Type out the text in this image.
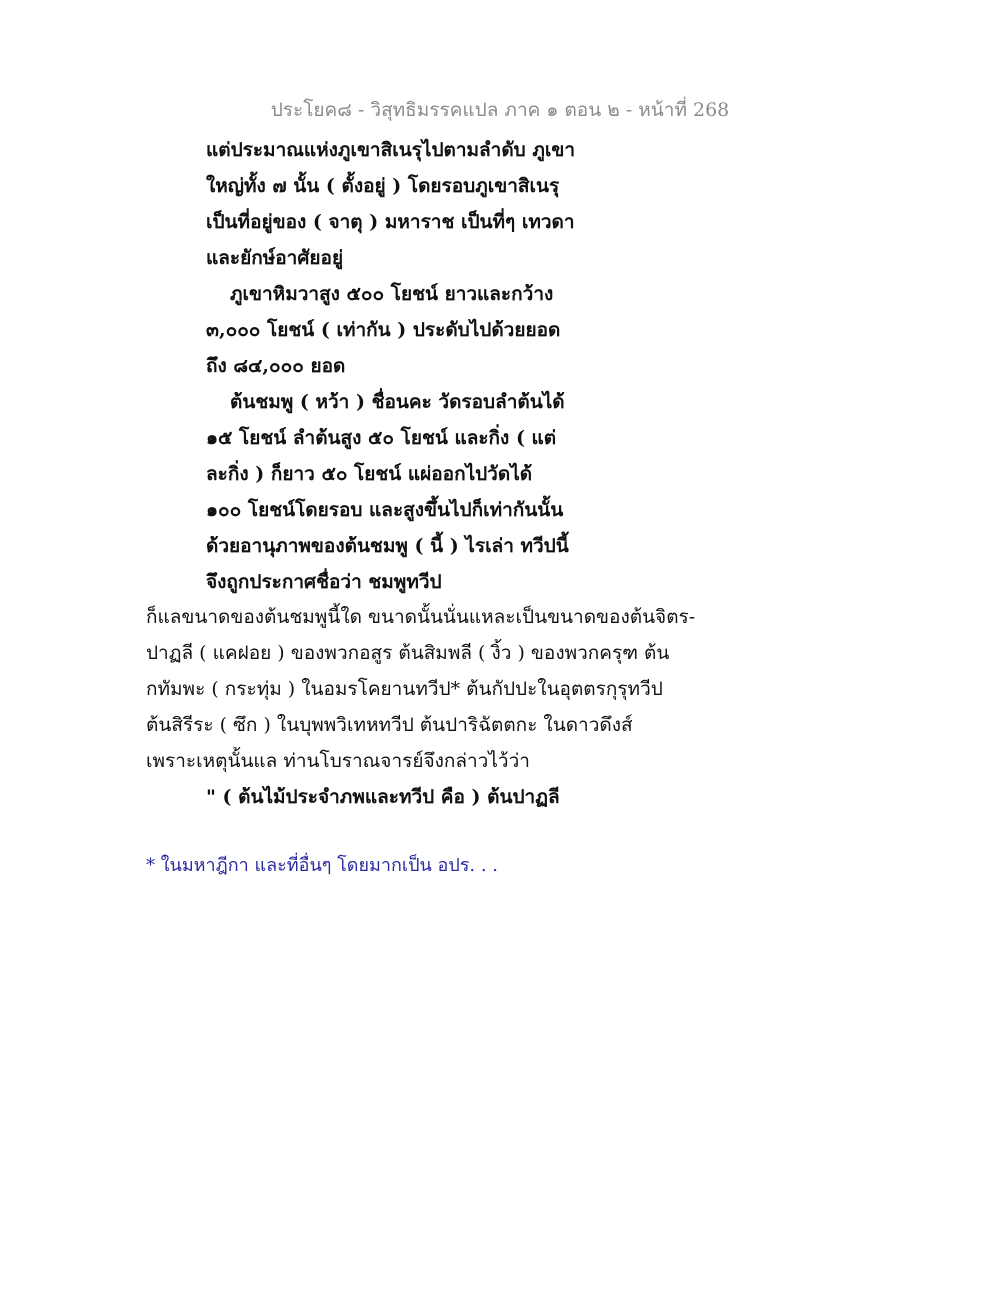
ประโยค๘ - วิสุทธิมรรคแปล ภาค ๑ ตอน ๒ - หน้าที่ 268
แต่ประมาณแห่งภูเขาสิเนรุไปตามลำดับ ภูเขา
ใหญ่ทั้ง ๗ นั้น ( ตั้งอยู่ ) โดยรอบภูเขาสิเนรุ
เป็นที่อยู่ของ ( จาตุ ) มหาราช เป็นที่ๆ เทวดา
และยักษ์อาศัยอยู่
ภูเขาหิมวาสูง ๕๐๐ โยชน์ ยาวและกว้าง
๓,๐๐๐ โยชน์ ( เท่ากัน ) ประดับไปด้วยยอด
ถึง ๘๔,๐๐๐ ยอด
ต้นชมพู ( หว้า ) ชื่อนคะ วัดรอบลำต้นได้
๑๕ โยชน์ ลำต้นสูง ๕๐ โยชน์ และกิ่ง ( แต่
ละกิ่ง ) ก็ยาว ๕๐ โยชน์ แผ่ออกไปวัดได้
๑๐๐ โยชน์โดยรอบ และสูงขึ้นไปก็เท่ากันนั้น
ด้วยอานุภาพของต้นชมพู ( นี้ ) ไรเล่า ทวีปนี้
จึงถูกประกาศชื่อว่า ชมพูทวีป
ก็แลขนาดของต้นชมพูนี้ใด ขนาดนั้นนั่นแหละเป็นขนาดของต้นจิตร-
ปาฏลี ( แคฝอย ) ของพวกอสูร ต้นสิมพลี ( งิ้ว ) ของพวกครุฑ ต้น
กทัมพะ ( กระทุ่ม ) ในอมรโคยานทวีป* ต้นกัปปะในอุตตรกุรุทวีป
ต้นสิรีระ ( ซึก ) ในบุพพวิเทหทวีป ต้นปาริฉัตตกะ ในดาวดึงส์
เพราะเหตุนั้นแล ท่านโบราณจารย์จึงกล่าวไว้ว่า
" ( ต้นไม้ประจำภพและทวีป คือ ) ต้นปาฏลี
* ในมหาฎีกา และที่อื่นๆ โดยมากเป็น อปร. . .
